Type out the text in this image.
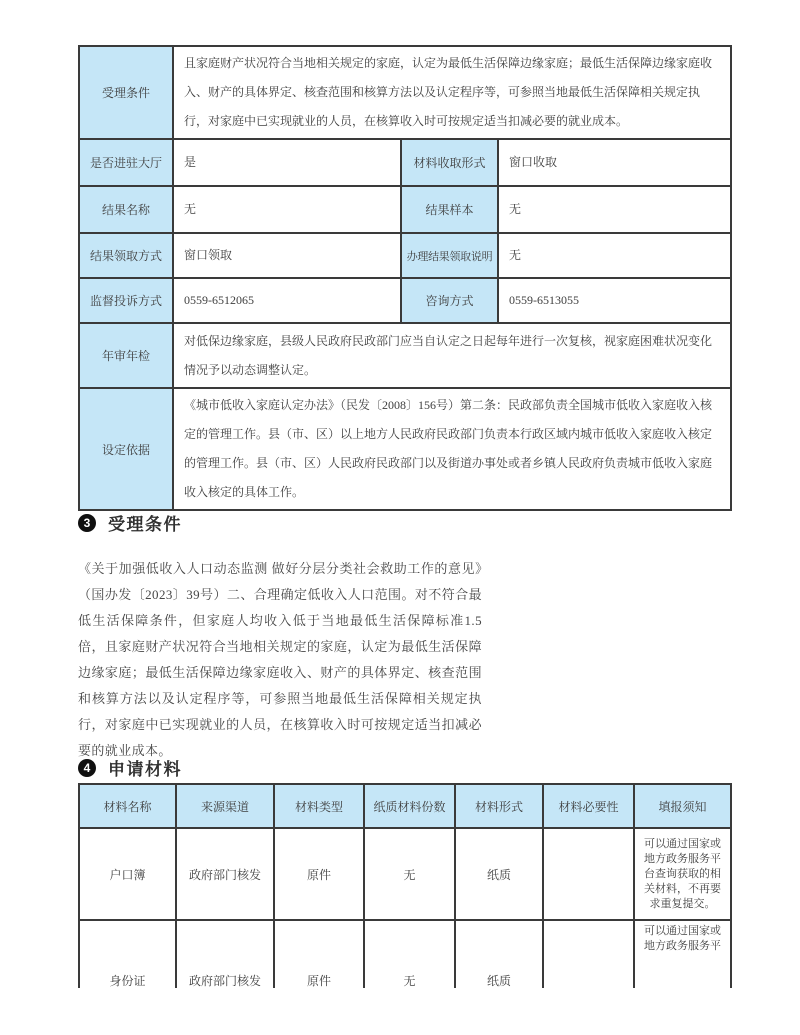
受理条件	且家庭财产状况符合当地相关规定的家庭，认定为最低生活保障边缘家庭；最低生活保障边缘家庭收入、财产的具体界定、核查范围和核算方法以及认定程序等，可参照当地最低生活保障相关规定执行，对家庭中已实现就业的人员，在核算收入时可按规定适当扣减必要的就业成本。		
是否进驻大厅	是	材料收取形式	窗口收取
结果名称	无	结果样本	无
结果领取方式	窗口领取	办理结果领取说明	无
监督投诉方式	0559-6512065	咨询方式	0559-6513055
年审年检	对低保边缘家庭，县级人民政府民政部门应当自认定之日起每年进行一次复核，视家庭困难状况变化情况予以动态调整认定。		
设定依据	《城市低收入家庭认定办法》（民发〔2008〕156号）第二条：民政部负责全国城市低收入家庭收入核定的管理工作。县（市、区）以上地方人民政府民政部门负责本行政区域内城市低收入家庭收入核定的管理工作。县（市、区）人民政府民政部门以及街道办事处或者乡镇人民政府负责城市低收入家庭收入核定的具体工作。		
3	受理条件

《关于加强低收入人口动态监测 做好分层分类社会救助工作的意见》（国办发〔2023〕39号）二、合理确定低收入人口范围。对不符合最低生活保障条件，但家庭人均收入低于当地最低生活保障标准1.5倍，且家庭财产状况符合当地相关规定的家庭，认定为最低生活保障边缘家庭；最低生活保障边缘家庭收入、财产的具体界定、核查范围和核算方法以及认定程序等，可参照当地最低生活保障相关规定执行，对家庭中已实现就业的人员，在核算收入时可按规定适当扣减必要的就业成本。

4	申请材料
材料名称	来源渠道	材料类型	纸质材料份数	材料形式	材料必要性	填报须知
户口簿	政府部门核发	原件	无	纸质		可以通过国家或地方政务服务平台查询获取的相关材料，不再要求重复提交。
身份证	政府部门核发	原件	无	纸质		可以通过国家或地方政务服务平
